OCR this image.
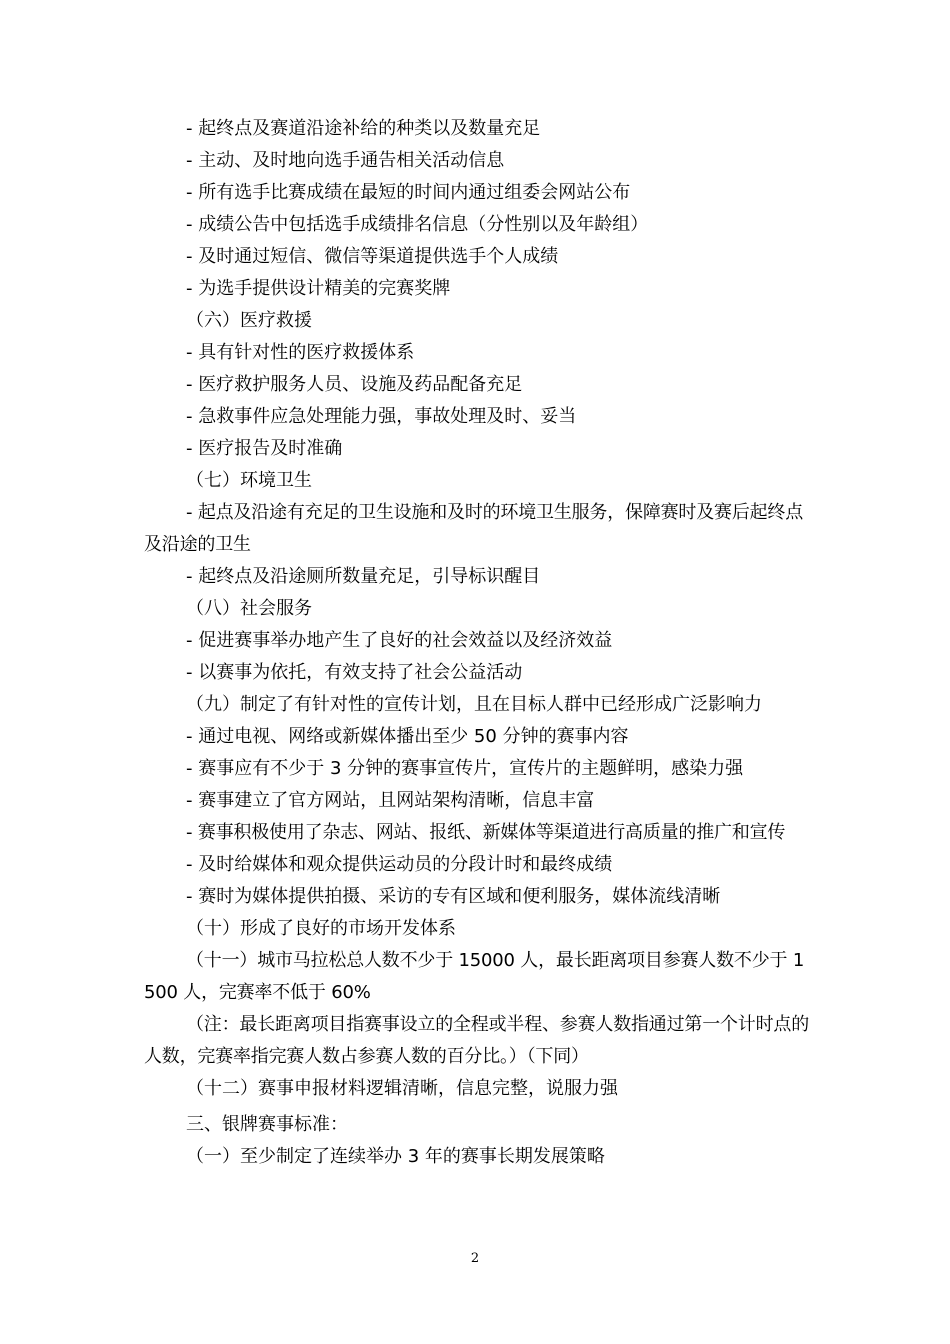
- 起终点及赛道沿途补给的种类以及数量充足

- 主动、及时地向选手通告相关活动信息

- 所有选手比赛成绩在最短的时间内通过组委会网站公布

- 成绩公告中包括选手成绩排名信息（分性别以及年龄组）

- 及时通过短信、微信等渠道提供选手个人成绩

- 为选手提供设计精美的完赛奖牌

（六）医疗救援

- 具有针对性的医疗救援体系

- 医疗救护服务人员、设施及药品配备充足

- 急救事件应急处理能力强，事故处理及时、妥当

- 医疗报告及时准确

（七）环境卫生

- 起点及沿途有充足的卫生设施和及时的环境卫生服务，保障赛时及赛后起终点及沿途的卫生

- 起终点及沿途厕所数量充足，引导标识醒目

（八）社会服务

- 促进赛事举办地产生了良好的社会效益以及经济效益

- 以赛事为依托，有效支持了社会公益活动

（九）制定了有针对性的宣传计划，且在目标人群中已经形成广泛影响力

- 通过电视、网络或新媒体播出至少 50 分钟的赛事内容

- 赛事应有不少于 3 分钟的赛事宣传片，宣传片的主题鲜明，感染力强

- 赛事建立了官方网站，且网站架构清晰，信息丰富

- 赛事积极使用了杂志、网站、报纸、新媒体等渠道进行高质量的推广和宣传

- 及时给媒体和观众提供运动员的分段计时和最终成绩

- 赛时为媒体提供拍摄、采访的专有区域和便利服务，媒体流线清晰

（十）形成了良好的市场开发体系

（十一）城市马拉松总人数不少于 15000 人，最长距离项目参赛人数不少于 1500 人，完赛率不低于 60%

（注：最长距离项目指赛事设立的全程或半程、参赛人数指通过第一个计时点的人数，完赛率指完赛人数占参赛人数的百分比。）（下同）

（十二）赛事申报材料逻辑清晰，信息完整，说服力强

三、银牌赛事标准：

（一）至少制定了连续举办 3 年的赛事长期发展策略

2
